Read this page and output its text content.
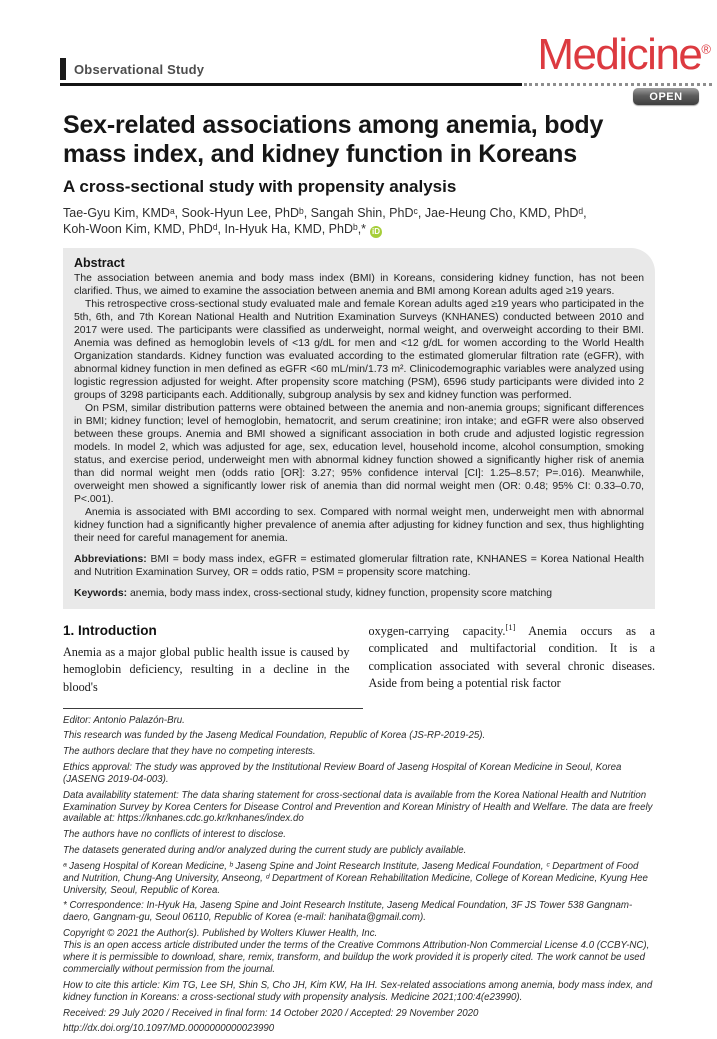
Observational Study	Medicine®
OPEN
Sex-related associations among anemia, body
mass index, and kidney function in Koreans
A cross-sectional study with propensity analysis
Tae-Gyu Kim, KMDᵃ, Sook-Hyun Lee, PhDᵇ, Sangah Shin, PhDᶜ, Jae-Heung Cho, KMD, PhDᵈ,
Koh-Woon Kim, KMD, PhDᵈ, In-Hyuk Ha, KMD, PhDᵇ,* iD
Abstract

The association between anemia and body mass index (BMI) in Koreans, considering kidney function, has not been clarified. Thus, we aimed to examine the association between anemia and BMI among Korean adults aged ≥19 years.

This retrospective cross-sectional study evaluated male and female Korean adults aged ≥19 years who participated in the 5th, 6th, and 7th Korean National Health and Nutrition Examination Surveys (KNHANES) conducted between 2010 and 2017 were used. The participants were classified as underweight, normal weight, and overweight according to their BMI. Anemia was defined as hemoglobin levels of <13 g/dL for men and <12 g/dL for women according to the World Health Organization standards. Kidney function was evaluated according to the estimated glomerular filtration rate (eGFR), with abnormal kidney function in men defined as eGFR <60 mL/min/1.73 m². Clinicodemographic variables were analyzed using logistic regression adjusted for weight. After propensity score matching (PSM), 6596 study participants were divided into 2 groups of 3298 participants each. Additionally, subgroup analysis by sex and kidney function was performed.

On PSM, similar distribution patterns were obtained between the anemia and non-anemia groups; significant differences in BMI; kidney function; level of hemoglobin, hematocrit, and serum creatinine; iron intake; and eGFR were also observed between these groups. Anemia and BMI showed a significant association in both crude and adjusted logistic regression models. In model 2, which was adjusted for age, sex, education level, household income, alcohol consumption, smoking status, and exercise period, underweight men with abnormal kidney function showed a significantly higher risk of anemia than did normal weight men (odds ratio [OR]: 3.27; 95% confidence interval [CI]: 1.25–8.57; P=.016). Meanwhile, overweight men showed a significantly lower risk of anemia than did normal weight men (OR: 0.48; 95% CI: 0.33–0.70, P<.001).

Anemia is associated with BMI according to sex. Compared with normal weight men, underweight men with abnormal kidney function had a significantly higher prevalence of anemia after adjusting for kidney function and sex, thus highlighting their need for careful management for anemia.

Abbreviations: BMI = body mass index, eGFR = estimated glomerular filtration rate, KNHANES = Korea National Health and Nutrition Examination Survey, OR = odds ratio, PSM = propensity score matching.

Keywords: anemia, body mass index, cross-sectional study, kidney function, propensity score matching

1. Introduction

Anemia as a major global public health issue is caused by hemoglobin deficiency, resulting in a decline in the blood's

oxygen-carrying capacity.[1] Anemia occurs as a complicated and multifactorial condition. It is a complication associated with several chronic diseases. Aside from being a potential risk factor

Editor: Antonio Palazón-Bru.

This research was funded by the Jaseng Medical Foundation, Republic of Korea (JS-RP-2019-25).

The authors declare that they have no competing interests.

Ethics approval: The study was approved by the Institutional Review Board of Jaseng Hospital of Korean Medicine in Seoul, Korea (JASENG 2019-04-003).

Data availability statement: The data sharing statement for cross-sectional data is available from the Korea National Health and Nutrition Examination Survey by Korea Centers for Disease Control and Prevention and Korean Ministry of Health and Welfare. The data are freely available at: https://knhanes.cdc.go.kr/knhanes/index.do

The authors have no conflicts of interest to disclose.

The datasets generated during and/or analyzed during the current study are publicly available.

ᵃ Jaseng Hospital of Korean Medicine, ᵇ Jaseng Spine and Joint Research Institute, Jaseng Medical Foundation, ᶜ Department of Food and Nutrition, Chung-Ang University, Anseong, ᵈ Department of Korean Rehabilitation Medicine, College of Korean Medicine, Kyung Hee University, Seoul, Republic of Korea.

* Correspondence: In-Hyuk Ha, Jaseng Spine and Joint Research Institute, Jaseng Medical Foundation, 3F JS Tower 538 Gangnam-daero, Gangnam-gu, Seoul 06110, Republic of Korea (e-mail: hanihata@gmail.com).

Copyright © 2021 the Author(s). Published by Wolters Kluwer Health, Inc.

This is an open access article distributed under the terms of the Creative Commons Attribution-Non Commercial License 4.0 (CCBY-NC), where it is permissible to download, share, remix, transform, and buildup the work provided it is properly cited. The work cannot be used commercially without permission from the journal.

How to cite this article: Kim TG, Lee SH, Shin S, Cho JH, Kim KW, Ha IH. Sex-related associations among anemia, body mass index, and kidney function in Koreans: a cross-sectional study with propensity analysis. Medicine 2021;100:4(e23990).

Received: 29 July 2020 / Received in final form: 14 October 2020 / Accepted: 29 November 2020

http://dx.doi.org/10.1097/MD.0000000000023990
